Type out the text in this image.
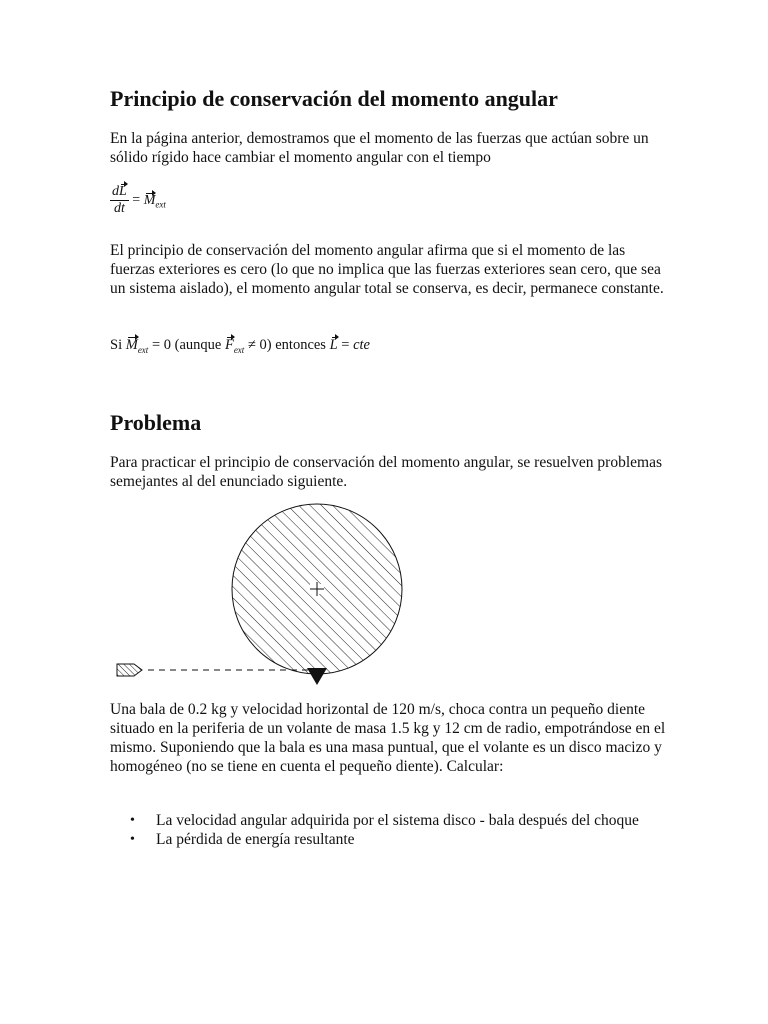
Principio de conservación del momento angular

En la página anterior, demostramos que el momento de las fuerzas que actúan sobre un sólido rígido hace cambiar el momento angular con el tiempo

$\frac{dL}{dt} = M_{ext}$

El principio de conservación del momento angular afirma que si el momento de las fuerzas exteriores es cero (lo que no implica que las fuerzas exteriores sean cero, que sea un sistema aislado), el momento angular total se conserva, es decir, permanece constante.

Si $M_{ext} = 0$ (aunque $F_{ext} \ne 0$) entonces L = cte
Problema

Para practicar el principio de conservación del momento angular, se resuelven problemas semejantes al del enunciado siguiente.

Una bala de 0.2 kg y velocidad horizontal de 120 m/s, choca contra un pequeño diente situado en la periferia de un volante de masa 1.5 kg y 12 cm de radio, empotrándose en el mismo. Suponiendo que la bala es una masa puntual, que el volante es un disco macizo y homogéneo (no se tiene en cuenta el pequeño diente). Calcular:

• La velocidad angular adquirida por el sistema disco - bala después del choque
• La pérdida de energía resultante
